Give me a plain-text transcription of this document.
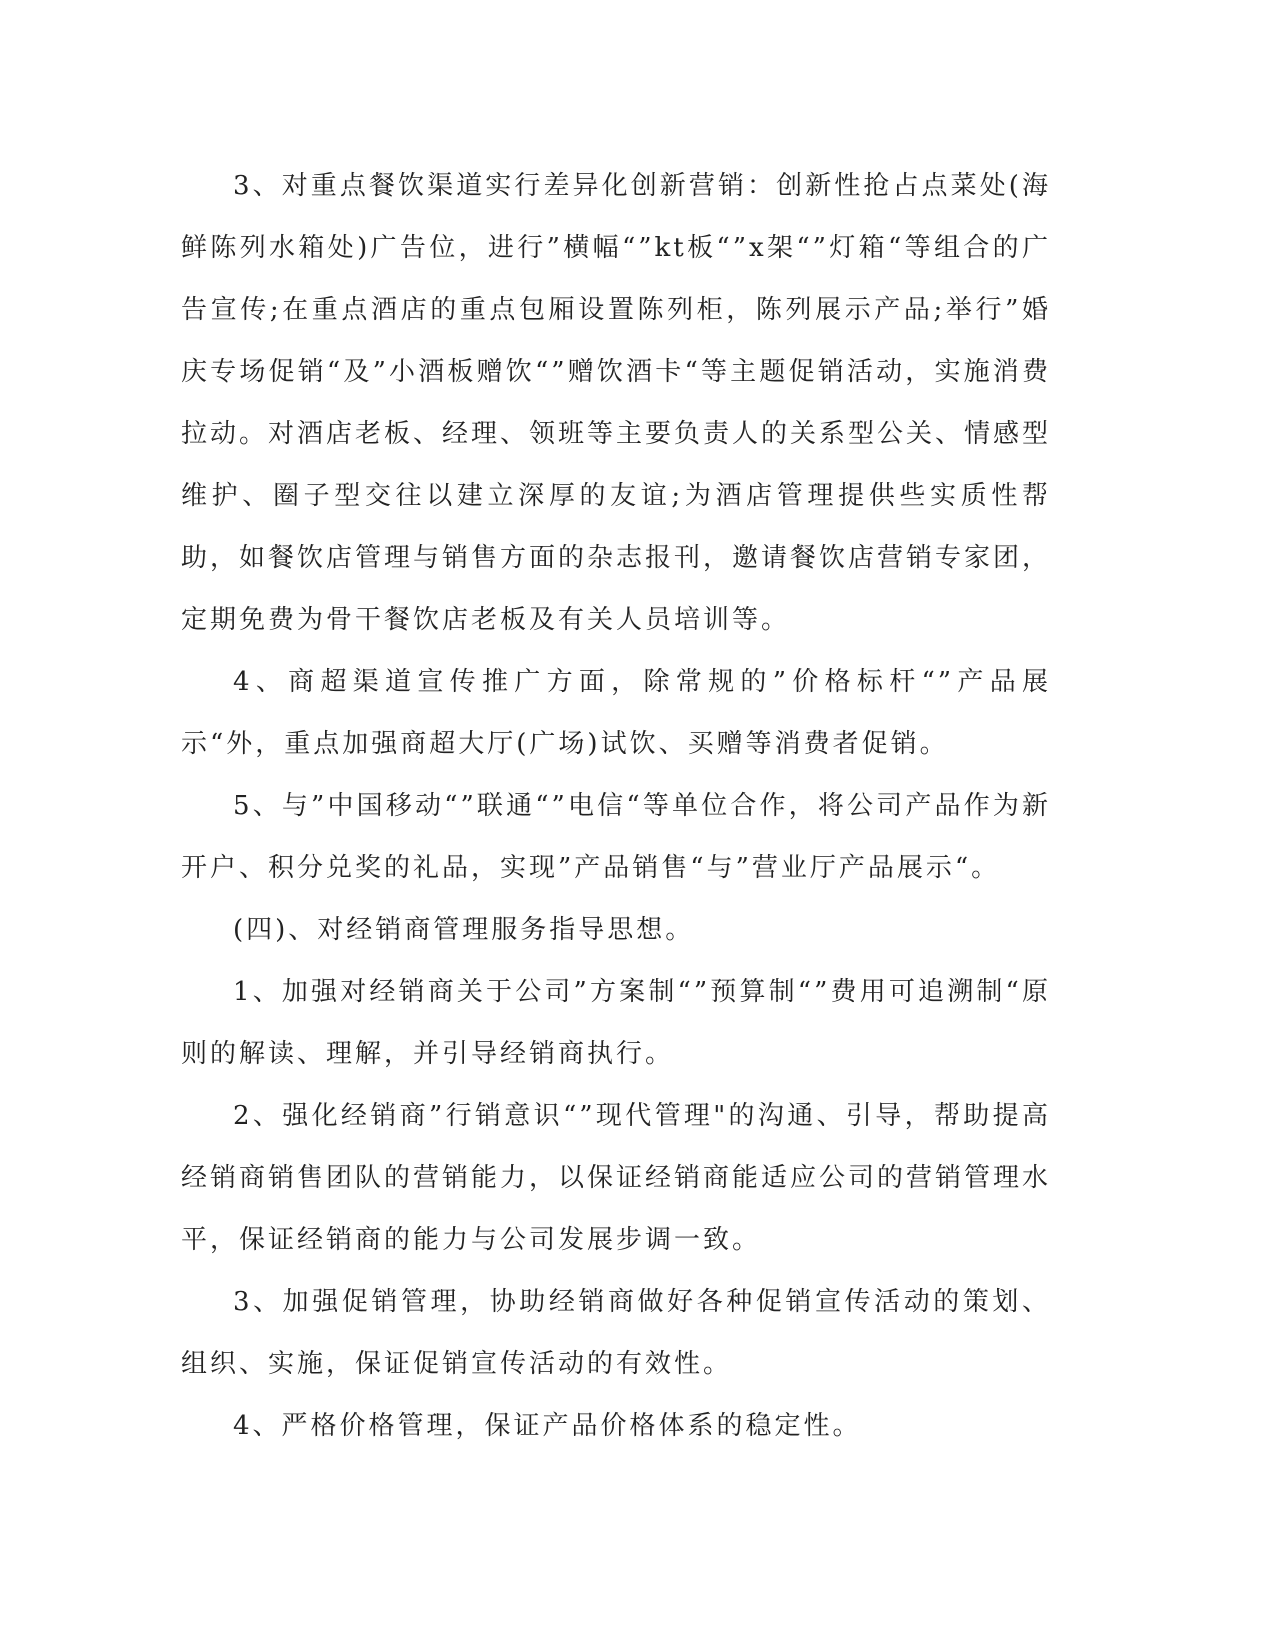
3、对重点餐饮渠道实行差异化创新营销：创新性抢占点菜处(海鲜陈列水箱处)广告位，进行”横幅“”kt板“”x架“”灯箱“等组合的广告宣传;在重点酒店的重点包厢设置陈列柜，陈列展示产品;举行”婚庆专场促销“及”小酒板赠饮“”赠饮酒卡“等主题促销活动，实施消费拉动。对酒店老板、经理、领班等主要负责人的关系型公关、情感型维护、圈子型交往以建立深厚的友谊;为酒店管理提供些实质性帮助，如餐饮店管理与销售方面的杂志报刊，邀请餐饮店营销专家团，定期免费为骨干餐饮店老板及有关人员培训等。

4、商超渠道宣传推广方面，除常规的”价格标杆“”产品展示“外，重点加强商超大厅(广场)试饮、买赠等消费者促销。

5、与”中国移动“”联通“”电信“等单位合作，将公司产品作为新开户、积分兑奖的礼品，实现”产品销售“与”营业厅产品展示“。

(四)、对经销商管理服务指导思想。

1、加强对经销商关于公司”方案制“”预算制“”费用可追溯制“原则的解读、理解，并引导经销商执行。

2、强化经销商”行销意识“”现代管理"的沟通、引导，帮助提高经销商销售团队的营销能力，以保证经销商能适应公司的营销管理水平，保证经销商的能力与公司发展步调一致。

3、加强促销管理，协助经销商做好各种促销宣传活动的策划、组织、实施，保证促销宣传活动的有效性。

4、严格价格管理，保证产品价格体系的稳定性。
